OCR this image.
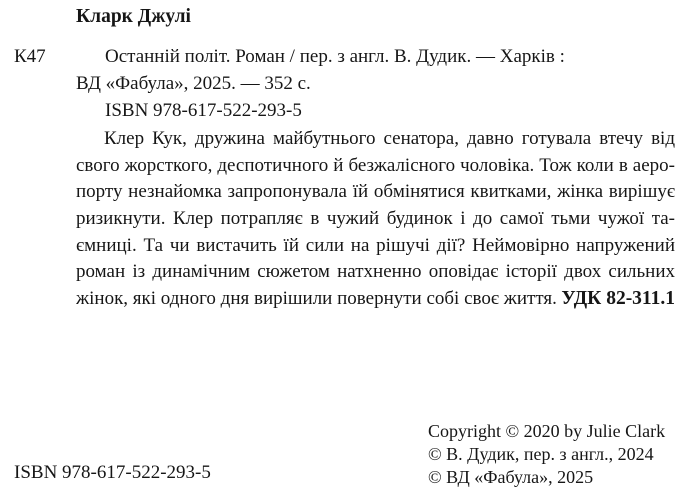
Кларк Джулі
К47	Останній політ. Роман / пер. з англ. В. Дудик. — Харків :
ВД «Фабула», 2025. — 352 с.
ISBN 978-617-522-293-5
Клер Кук, дружина майбутнього сенатора, давно готувала втечу від
свого жорсткого, деспотичного й безжалісного чоловіка. Тож коли в аеро-
порту незнайомка запропонувала їй обмінятися квитками, жінка вирішує
ризикнути. Клер потрапляє в чужий будинок і до самої тьми чужої та-
ємниці. Та чи вистачить їй сили на рішучі дії? Неймовірно напружений
роман із динамічним сюжетом натхненно оповідає історії двох сильних
жінок, які одного дня вирішили повернути собі своє життя. УДК 82-311.1
Copyright © 2020 by Julie Clark
© В. Дудик, пер. з англ., 2024
© ВД «Фабула», 2025
ISBN 978-617-522-293-5
